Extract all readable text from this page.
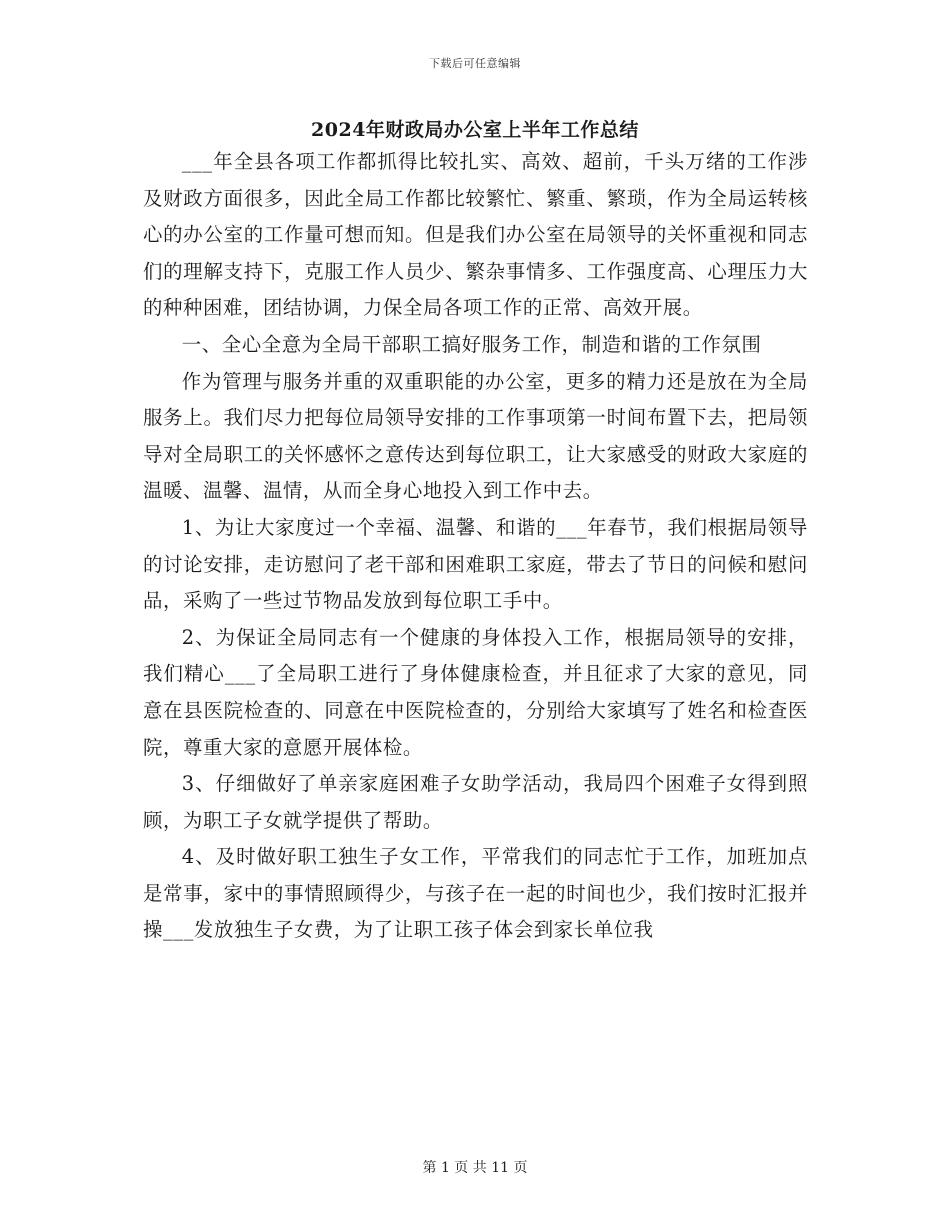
下载后可任意编辑
2024年财政局办公室上半年工作总结

___年全县各项工作都抓得比较扎实、高效、超前，千头万绪的工作涉及财政方面很多，因此全局工作都比较繁忙、繁重、繁琐，作为全局运转核心的办公室的工作量可想而知。但是我们办公室在局领导的关怀重视和同志们的理解支持下，克服工作人员少、繁杂事情多、工作强度高、心理压力大的种种困难，团结协调，力保全局各项工作的正常、高效开展。

一、全心全意为全局干部职工搞好服务工作，制造和谐的工作氛围

作为管理与服务并重的双重职能的办公室，更多的精力还是放在为全局服务上。我们尽力把每位局领导安排的工作事项第一时间布置下去，把局领导对全局职工的关怀感怀之意传达到每位职工，让大家感受的财政大家庭的温暖、温馨、温情，从而全身心地投入到工作中去。

1、为让大家度过一个幸福、温馨、和谐的___年春节，我们根据局领导的讨论安排，走访慰问了老干部和困难职工家庭，带去了节日的问候和慰问品，采购了一些过节物品发放到每位职工手中。

2、为保证全局同志有一个健康的身体投入工作，根据局领导的安排，我们精心___了全局职工进行了身体健康检查，并且征求了大家的意见，同意在县医院检查的、同意在中医院检查的，分别给大家填写了姓名和检查医院，尊重大家的意愿开展体检。

3、仔细做好了单亲家庭困难子女助学活动，我局四个困难子女得到照顾，为职工子女就学提供了帮助。

4、及时做好职工独生子女工作，平常我们的同志忙于工作，加班加点是常事，家中的事情照顾得少，与孩子在一起的时间也少，我们按时汇报并操___发放独生子女费，为了让职工孩子体会到家长单位我

第 1 页 共 11 页
